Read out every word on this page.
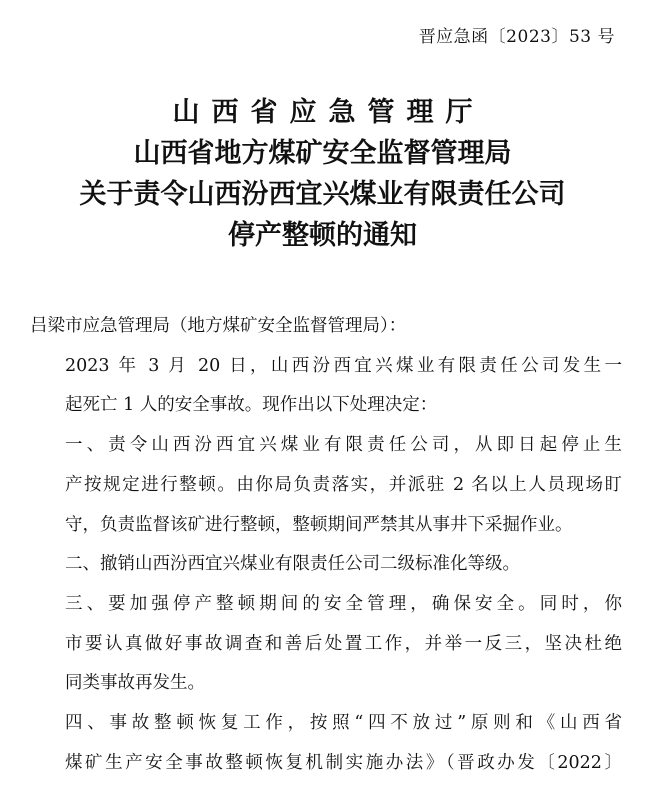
晋应急函〔2023〕53 号
山西省应急管理厅
山西省地方煤矿安全监督管理局
关于责令山西汾西宜兴煤业有限责任公司
停产整顿的通知

吕梁市应急管理局（地方煤矿安全监督管理局）：

2023 年 3 月 20 日，山西汾西宜兴煤业有限责任公司发生一
起死亡 1 人的安全事故。现作出以下处理决定：

一、责令山西汾西宜兴煤业有限责任公司，从即日起停止生
产按规定进行整顿。由你局负责落实，并派驻 2 名以上人员现场盯
守，负责监督该矿进行整顿，整顿期间严禁其从事井下采掘作业。

二、撤销山西汾西宜兴煤业有限责任公司二级标准化等级。

三、要加强停产整顿期间的安全管理，确保安全。同时，你
市要认真做好事故调查和善后处置工作，并举一反三，坚决杜绝
同类事故再发生。

四、事故整顿恢复工作，按照“四不放过”原则和《山西省
煤矿生产安全事故整顿恢复机制实施办法》（晋政办发〔2022〕
